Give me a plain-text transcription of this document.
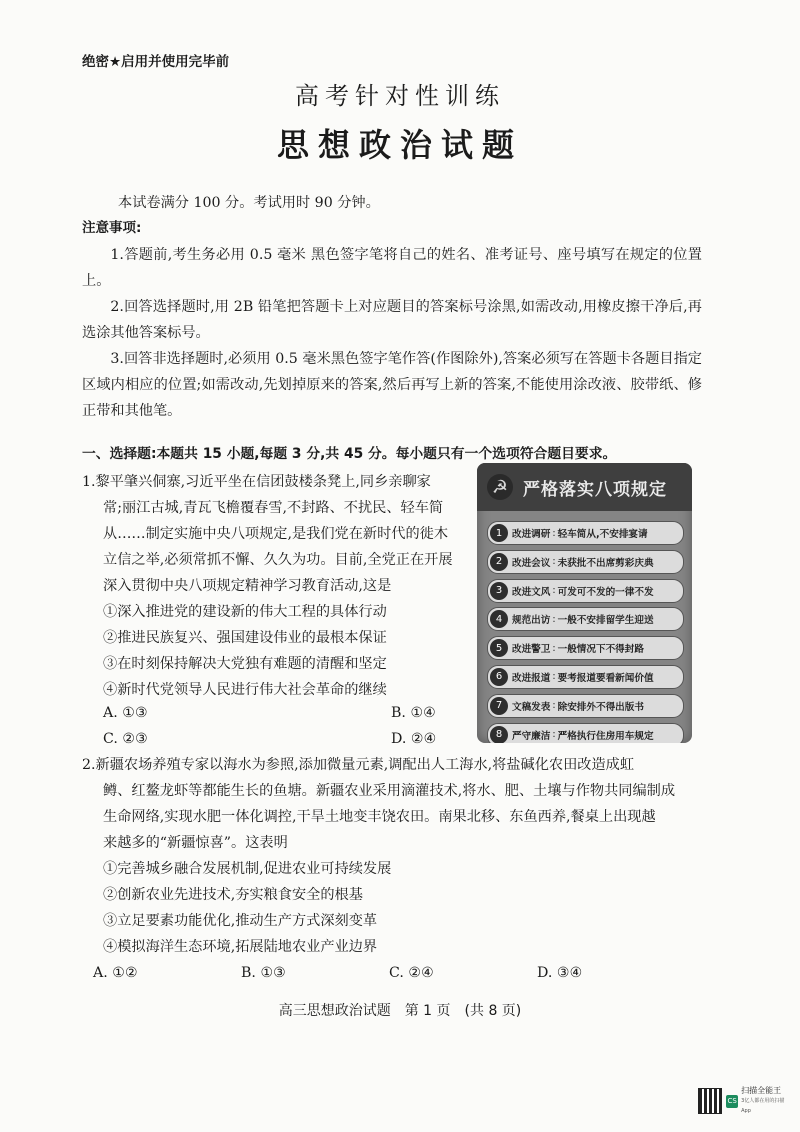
绝密★启用并使用完毕前
高考针对性训练
思想政治试题
本试卷满分 100 分。考试用时 90 分钟。
注意事项:
1.答题前,考生务必用 0.5 毫米 黑色签字笔将自己的姓名、准考证号、座号填写在规定的位置上。
2.回答选择题时,用 2B 铅笔把答题卡上对应题目的答案标号涂黑,如需改动,用橡皮擦干净后,再选涂其他答案标号。
3.回答非选择题时,必须用 0.5 毫米黑色签字笔作答(作图除外),答案必须写在答题卡各题目指定区域内相应的位置;如需改动,先划掉原来的答案,然后再写上新的答案,不能使用涂改液、胶带纸、修正带和其他笔。
一、选择题:本题共 15 小题,每题 3 分,共 45 分。每小题只有一个选项符合题目要求。
1.黎平肇兴侗寨,习近平坐在信团鼓楼条凳上,同乡亲聊家
常;丽江古城,青瓦飞檐覆春雪,不封路、不扰民、轻车简
从……制定实施中央八项规定,是我们党在新时代的徙木
立信之举,必须常抓不懈、久久为功。目前,全党正在开展
深入贯彻中央八项规定精神学习教育活动,这是
①深入推进党的建设新的伟大工程的具体行动
②推进民族复兴、强国建设伟业的最根本保证
③在时刻保持解决大党独有难题的清醒和坚定
④新时代党领导人民进行伟大社会革命的继续
A. ①③	B. ①④
C. ②③	D. ②④
☭ 严格落实八项规定
1	改进调研 : 轻车简从,不安排宴请
2	改进会议 : 未获批不出席剪彩庆典
3	改进文风 : 可发可不发的一律不发
4	规范出访 : 一般不安排留学生迎送
5	改进警卫 : 一般情况下不得封路
6	改进报道 : 要考报道要看新闻价值
7	文稿发表 : 除安排外不得出版书
8	严守廉洁 : 严格执行住房用车规定
2.新疆农场养殖专家以海水为参照,添加微量元素,调配出人工海水,将盐碱化农田改造成虹
鳟、红鳌龙虾等都能生长的鱼塘。新疆农业采用滴灌技术,将水、肥、土壤与作物共同编制成
生命网络,实现水肥一体化调控,干旱土地变丰饶农田。南果北移、东鱼西养,餐桌上出现越
来越多的“新疆惊喜”。这表明
①完善城乡融合发展机制,促进农业可持续发展
②创新农业先进技术,夯实粮食安全的根基
③立足要素功能优化,推动生产方式深刻变革
④模拟海洋生态环境,拓展陆地农业产业边界
A. ①②	B. ①③	C. ②④	D. ③④
高三思想政治试题　第 1 页　(共 8 页)
CS
扫描全能王
3亿人都在用的扫描App
